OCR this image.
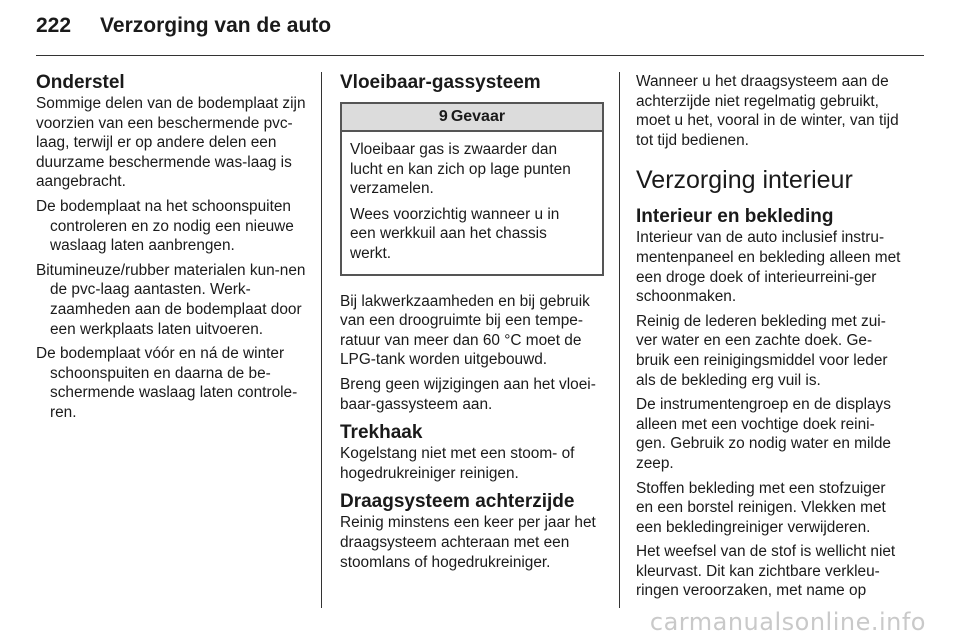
222 Verzorging van de auto
Onderstel

Sommige delen van de bodemplaat zijn voorzien van een beschermende pvc-laag, terwijl er op andere delen een duurzame beschermende was-laag is aangebracht.

De bodemplaat na het schoonspuiten controleren en zo nodig een nieuwe waslaag laten aanbrengen.

Bitumineuze/rubber materialen kun-nen de pvc-laag aantasten. Werk-zaamheden aan de bodemplaat door een werkplaats laten uitvoeren.

De bodemplaat vóór en ná de winter schoonspuiten en daarna de be-schermende waslaag laten controle-ren.

Vloeibaar-gassysteem
9 Gevaar

Vloeibaar gas is zwaarder dan lucht en kan zich op lage punten verzamelen.

Wees voorzichtig wanneer u in een werkkuil aan het chassis werkt.

Bij lakwerkzaamheden en bij gebruik van een droogruimte bij een tempe-ratuur van meer dan 60 °C moet de LPG-tank worden uitgebouwd.

Breng geen wijzigingen aan het vloei-baar-gassysteem aan.

Trekhaak

Kogelstang niet met een stoom- of hogedrukreiniger reinigen.

Draagsysteem achterzijde

Reinig minstens een keer per jaar het draagsysteem achteraan met een stoomlans of hogedrukreiniger.

Wanneer u het draagsysteem aan de achterzijde niet regelmatig gebruikt, moet u het, vooral in de winter, van tijd tot tijd bedienen.

Verzorging interieur
Interieur en bekleding

Interieur van de auto inclusief instru-mentenpaneel en bekleding alleen met een droge doek of interieurreini-ger schoonmaken.

Reinig de lederen bekleding met zui-ver water en een zachte doek. Ge-bruik een reinigingsmiddel voor leder als de bekleding erg vuil is.

De instrumentengroep en de displays alleen met een vochtige doek reini-gen. Gebruik zo nodig water en milde zeep.

Stoffen bekleding met een stofzuiger en een borstel reinigen. Vlekken met een bekledingreiniger verwijderen.

Het weefsel van de stof is wellicht niet kleurvast. Dit kan zichtbare verkleu-ringen veroorzaken, met name op

carmanualsonline.info
